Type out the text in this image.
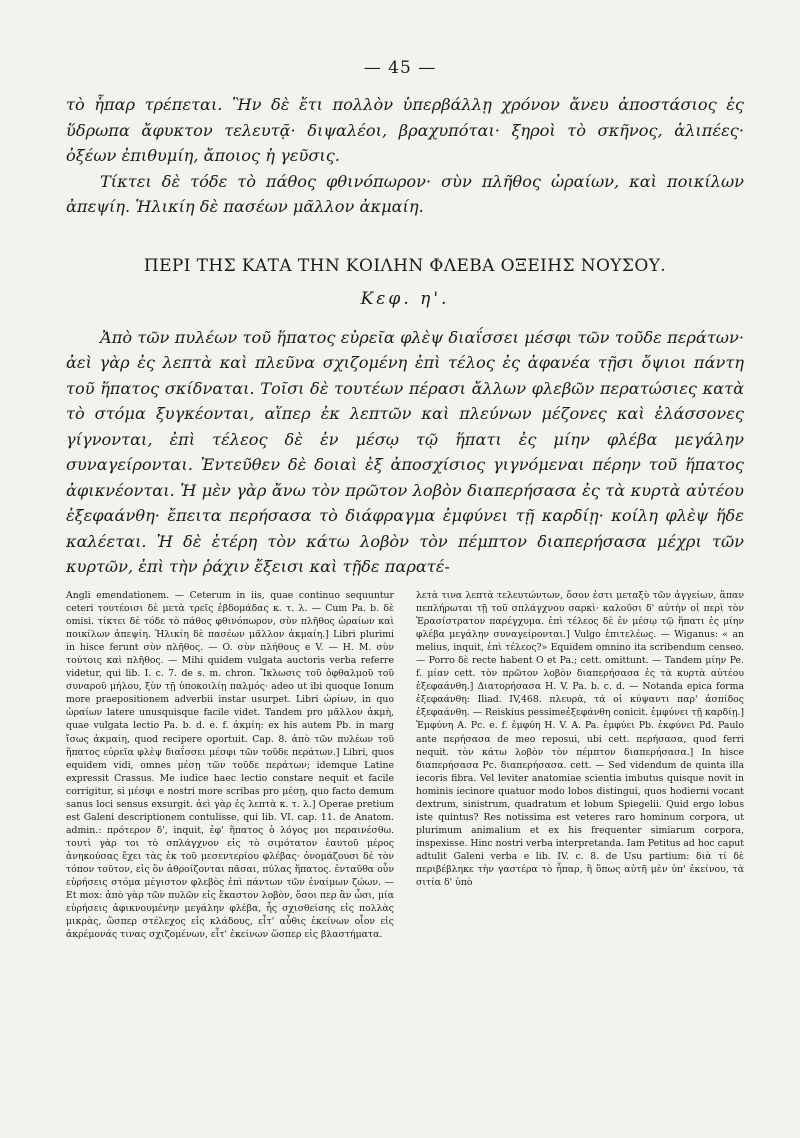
— 45 —

τὸ ἧπαρ τρέπεται. Ἢν δὲ ἔτι πολλὸν ὑπερβάλλῃ χρόνον ἄνευ ἀποστάσιος ἐς ὕδρωπα ἄφυκτον τελευτᾷ· διψαλέοι, βραχυπόται· ξηροὶ τὸ σκῆνος, ἁλιπέες· ὀξέων ἐπιθυμίη, ἄποιος ἡ γεῦσις.

Τίκτει δὲ τόδε τὸ πάθος φθινόπωρον· σὺν πλῆθος ὡραίων, καὶ ποικίλων ἀπεψίη. Ἡλικίη δὲ πασέων μᾶλλον ἀκμαίη.

ΠΕΡΙ ΤΗΣ ΚΑΤΑ ΤΗΝ ΚΟΙΛΗΝ ΦΛΕΒΑ ΟΞΕΙΗΣ ΝΟΥΣΟΥ.
Κεφ. η'.

Ἀπὸ τῶν πυλέων τοῦ ἥπατος εὐρεῖα φλὲψ διαΐσσει μέσφι τῶν τοῦδε περάτων· ἀεὶ γὰρ ἐς λεπτὰ καὶ πλεῦνα σχιζομένη ἐπὶ τέλος ἐς ἀφανέα τῇσι ὄψιοι πάντη τοῦ ἥπατος σκίδναται. Τοῖσι δὲ τουτέων πέρασι ἄλλων φλεβῶν περατώσιες κατὰ τὸ στόμα ξυγκέονται, αἵπερ ἐκ λεπτῶν καὶ πλεύνων μέζονες καὶ ἐλάσσονες γίγνονται, ἐπὶ τέλεος δὲ ἐν μέσῳ τῷ ἥπατι ἐς μίην φλέβα μεγάλην συναγείρονται. Ἐντεῦθεν δὲ δοιαὶ ἐξ ἀποσχίσιος γιγνόμεναι πέρην τοῦ ἥπατος ἀφικνέονται. Ἡ μὲν γὰρ ἄνω τὸν πρῶτον λοβὸν διαπερήσασα ἐς τὰ κυρτὰ αὐτέου ἐξεφαάνθη· ἔπειτα περήσασα τὸ διάφραγμα ἐμφύνει τῇ καρδίῃ· κοίλη φλὲψ ἥδε καλέεται. Ἡ δὲ ἑτέρη τὸν κάτω λοβὸν τὸν πέμπτον διαπερήσασα μέχρι τῶν κυρτῶν, ἐπὶ τὴν ῥάχιν ἔξεισι καὶ τῇδε παρατέ-

Angli emendationem. — Ceterum in iis, quae continuo sequuntur ceteri τουτέοισι δὲ μετὰ τρεῖς ἑβδομάδας κ. τ. λ. — Cum Pa. b. δὲ omisi. τίκτει δὲ τόδε τὸ πάθος φθινόπωρον, σὺν πλῆθος ὡραίων καὶ ποικίλων ἀπεψίη. Ἡλικίη δὲ πασέων μᾶλλον ἀκμαίη.] Libri plurimi in hisce ferunt σὺν πλῆθος. — O. σὺν πλήθους e V. — H. M. σὺν τούτοις καὶ πλῆθος. — Mihi quidem vulgata auctoris verba referre videtur, qui lib. I. c. 7. de s. m. chron. Ἴκλωσις τοῦ ὀφθαλμοῦ τοῦ συναροῦ μήλου, ξὺν τῇ ὑποκοιλίῃ παλμός· adeo ut ibi quoque Ionum more praepositionem adverbii instar usurpet. Libri ὡρίων, in quo ὡραίων latere unusquisque facile videt. Tandem pro μᾶλλον ἀκμὴ, quae vulgata lectio Pa. b. d. e. f. ἀκμίη: ex his autem Pb. in marg ἴσως ἀκμαίη, quod recipere oportuit. Cap. 8. ἀπὸ τῶν πυλέων τοῦ ἥπατος εὐρεῖα φλὲψ διαΐσσει μέσφι τῶν τοῦδε περάτων.] Libri, quos equidem vidi, omnes μέσῃ τῶν τοῦδε περάτων; idemque Latine expressit Crassus. Me iudice haec lectio constare nequit et facile corrigitur, si μέσφι e nostri more scribas pro μέσῃ, quo facto demum sanus loci sensus exsurgit. ἀεὶ γὰρ ἐς λεπτὰ κ. τ. λ.] Operae pretium est Galeni descriptionem contulisse, qui lib. VI. cap. 11. de Anatom. admin.: πρότερον δ', inquit, ἐφ' ἥπατος ὁ λόγος μοι περαινέσθω. τουτὶ γὰρ τοι τὸ σπλάγχνον εἰς τὸ σιμότατον ἑαυτοῦ μέρος ἀνηκούσας ἔχει τὰς ἐκ τοῦ μεσεντερίου φλέβας· ὀνομάζουσι δὲ τὸν τόπον τοῦτον, εἰς ὃν ἀθροίζονται πᾶσαι, πύλας ἥπατος. ἐνταῦθα οὖν εὑρήσεις στόμα μέγιστον φλεβὸς ἐπὶ πάντων τῶν ἐναίμων ζώων. — Et mox: ἀπὸ γὰρ τῶν πυλῶν εἰς ἕκαστον λοβὸν, ὅσοι περ ἂν ὦσι, μία εὑρήσεις ἀφικνουμένην μεγάλην φλέβα, ἧς σχισθείσης εἰς πολλὰς μικρὰς, ὥσπερ στέλεχος εἰς κλάδους, εἶτ' αὖθις ἐκείνων οἷον εἰς ἀκρέμονάς τινας σχιζομένων, εἶτ' ἐκείνων ὥσπερ εἰς βλαστήματα.

λετὰ τινα λεπτὰ τελευτώντων, ὅσον ἐστι μεταξὺ τῶν ἀγγείων, ἅπαν πεπλήρωται τῇ τοῦ σπλάγχνου σαρκὶ· καλοῦσι δ' αὐτὴν οἱ περὶ τὸν Ἐρασίστρατον παρέγχυμα. ἐπὶ τέλεος δὲ ἐν μέσῳ τῷ ἥπατι ἐς μίην φλέβα μεγάλην συναγείρονται.] Vulgo ἐπιτελέως. — Wiganus: « an melius, inquit, ἐπὶ τέλεος?» Equidem omnino ita scribendum censeo. — Porro δὲ recte habent O et Pa.; cett. omittunt. — Tandem μίην Pe. f. μίαν cett. τὸν πρῶτον λοβὸν διαπερήσασα ἐς τὰ κυρτὰ αὐτέου ἐξεφαάνθη.] Διατορήσασα H. V. Pa. b. c. d. — Notanda epica forma ἐξεφαάνθη: Iliad. IV,468. πλευρὰ, τά οἱ κύψαντι παρ' ἀσπίδος ἐξεφαάνθη. — Reiskius pessimeἐξεφάνθη conicit. ἐμφύνει τῇ καρδίῃ.] Ἐμφύνη A. Pc. e. f. ἐμφύη H. V. A. Pa. ἐμφύει Pb. ἐκφύνει Pd. Paulo ante περήσασα de meo reposui, ubi cett. περήσασα, quod ferri nequit. τὸν κάτω λοβὸν τὸν πέμπτον διαπερήσασα.] In hisce διαπερήσασα Pc. διαπερήσασα. cett. — Sed videndum de quinta illa iecoris fibra. Vel leviter anatomiae scientia imbutus quisque novit in hominis iecinore quatuor modo lobos distingui, quos hodierni vocant dextrum, sinistrum, quadratum et lobum Spiegelii. Quid ergo lobus iste quintus? Res notissima est veteres raro hominum corpora, ut plurimum animalium et ex his frequenter simiarum corpora, inspexisse. Hinc nostri verba interpretanda. Iam Petitus ad hoc caput adtulit Galeni verba e lib. IV. c. 8. de Usu partium: διὰ τί δὲ περιβέβληκε τὴν γαστέρα τὸ ἧπαρ, ἢ ὅπως αὐτῆ μὲν ὑπ' ἐκείνου, τὰ σιτία δ' ὑπὸ
